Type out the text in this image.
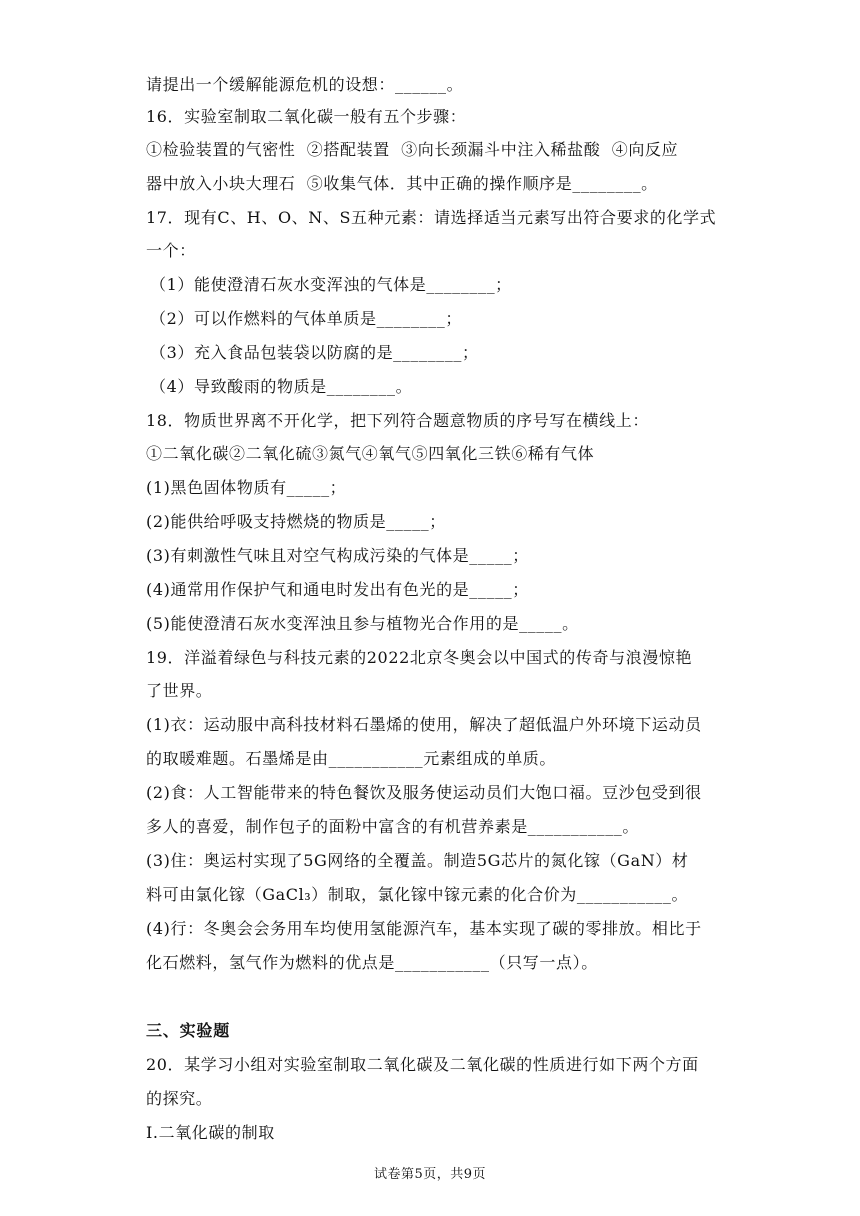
请提出一个缓解能源危机的设想：______。
16．实验室制取二氧化碳一般有五个步骤：
①检验装置的气密性  ②搭配装置  ③向长颈漏斗中注入稀盐酸  ④向反应
器中放入小块大理石  ⑤收集气体．其中正确的操作顺序是________。
17．现有C、H、O、N、S五种元素：请选择适当元素写出符合要求的化学式
一个：
（1）能使澄清石灰水变浑浊的气体是________；
（2）可以作燃料的气体单质是________；
（3）充入食品包装袋以防腐的是________；
（4）导致酸雨的物质是________。
18．物质世界离不开化学，把下列符合题意物质的序号写在横线上：
①二氧化碳②二氧化硫③氮气④氧气⑤四氧化三铁⑥稀有气体
(1)黑色固体物质有_____；
(2)能供给呼吸支持燃烧的物质是_____；
(3)有刺激性气味且对空气构成污染的气体是_____；
(4)通常用作保护气和通电时发出有色光的是_____；
(5)能使澄清石灰水变浑浊且参与植物光合作用的是_____。
19．洋溢着绿色与科技元素的2022北京冬奥会以中国式的传奇与浪漫惊艳
了世界。
(1)衣：运动服中高科技材料石墨烯的使用，解决了超低温户外环境下运动员
的取暖难题。石墨烯是由___________元素组成的单质。
(2)食：人工智能带来的特色餐饮及服务使运动员们大饱口福。豆沙包受到很
多人的喜爱，制作包子的面粉中富含的有机营养素是___________。
(3)住：奥运村实现了5G网络的全覆盖。制造5G芯片的氮化镓（GaN）材
料可由氯化镓（GaCl₃）制取，氯化镓中镓元素的化合价为___________。
(4)行：冬奥会会务用车均使用氢能源汽车，基本实现了碳的零排放。相比于
化石燃料，氢气作为燃料的优点是___________（只写一点）。
三、实验题
20．某学习小组对实验室制取二氧化碳及二氧化碳的性质进行如下两个方面
的探究。
I.二氧化碳的制取
试卷第5页，共9页
